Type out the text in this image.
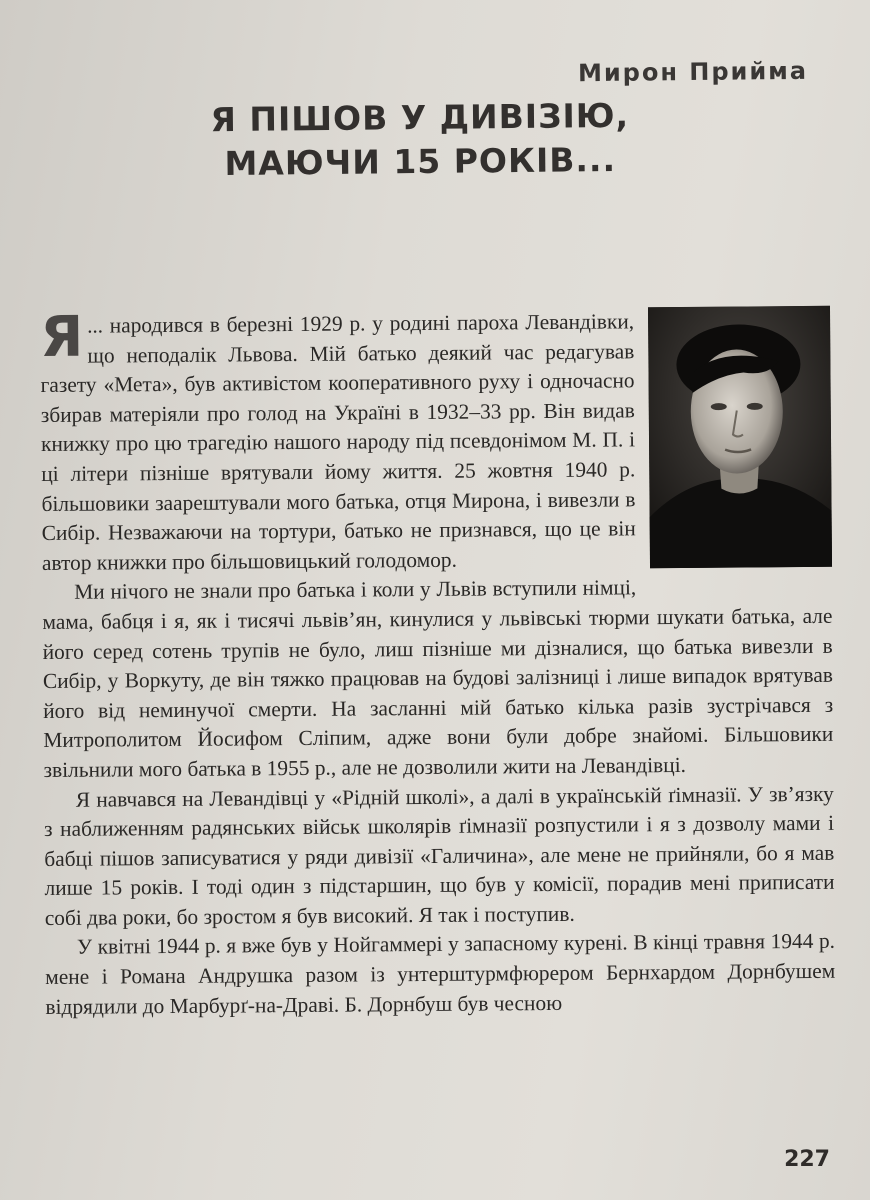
Мирон Прийма
Я ПІШОВ У ДИВІЗІЮ,
МАЮЧИ 15 РОКІВ...

...
Я народився в березні 1929 р. у родині пароха Левандівки, що неподалік Львова. Мій батько деякий час редагував газету «Мета», був активістом кооперативного руху і одночасно збирав матеріяли про голод на Україні в 1932–33 рр. Він видав книжку про цю трагедію нашого народу під псевдонімом М. П. і ці літери пізніше врятували йому життя. 25 жовтня 1940 р. більшовики заарештували мого батька, отця Мирона, і вивезли в Сибір. Незважаючи на тортури, батько не признався, що це він автор книжки про більшовицький голодомор.

Ми нічого не знали про батька і коли у Львів вступили німці, мама, бабця і я, як і тисячі львів’ян, кинулися у львівські тюрми шукати батька, але його серед сотень трупів не було, лиш пізніше ми дізналися, що батька вивезли в Сибір, у Воркуту, де він тяжко працював на будові залізниці і лише випадок врятував його від неминучої смерти. На засланні мій батько кілька разів зустрічався з Митрополитом Йосифом Сліпим, адже вони були добре знайомі. Більшовики звільнили мого батька в 1955 р., але не дозволили жити на Левандівці.

Я навчався на Левандівці у «Рідній школі», а далі в українській ґімназії. У зв’язку з наближенням радянських військ школярів ґімназії розпустили і я з дозволу мами і бабці пішов записуватися у ряди дивізії «Галичина», але мене не прийняли, бо я мав лише 15 років. І тоді один з підстаршин, що був у комісії, порадив мені приписати собі два роки, бо зростом я був високий. Я так і поступив.

У квітні 1944 р. я вже був у Нойгаммері у запасному курені. В кінці травня 1944 р. мене і Романа Андрушка разом із унтерштурмфюрером Бернхардом Дорнбушем відрядили до Марбурґ-на-Драві. Б. Дорнбуш був чесною

227
